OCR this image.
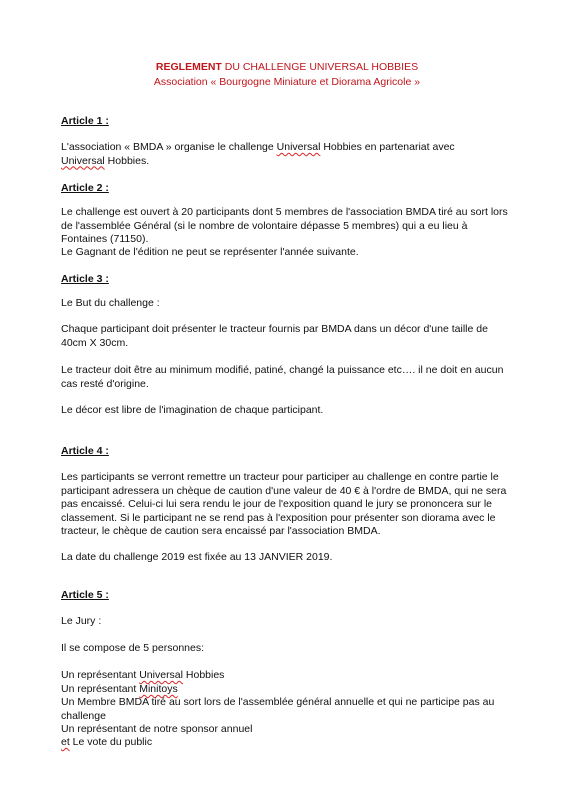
REGLEMENT DU CHALLENGE UNIVERSAL HOBBIES
Association « Bourgogne Miniature et Diorama Agricole »
Article 1 :
L'association « BMDA » organise le challenge Universal Hobbies en partenariat avec
Universal Hobbies.
Article 2 :
Le challenge est ouvert à 20 participants dont 5 membres de l'association BMDA tiré au sort lors de l'assemblée Général (si le nombre de volontaire dépasse 5 membres) qui a eu lieu à Fontaines (71150).
Le Gagnant de l'édition ne peut se représenter l'année suivante.
Article 3 :
Le But du challenge :
Chaque participant doit présenter le tracteur fournis par BMDA dans un décor d'une taille de 40cm X 30cm.
Le tracteur doit être au minimum modifié, patiné, changé la puissance etc…. il ne doit en aucun cas resté d'origine.
Le décor est libre de l'imagination de chaque participant.
Article 4 :
Les participants se verront remettre un tracteur pour participer au challenge en contre partie le participant adressera un chèque de caution d'une valeur de 40 € à l'ordre de BMDA, qui ne sera pas encaissé. Celui-ci lui sera rendu le jour de l'exposition quand le jury se prononcera sur le classement. Si le participant ne se rend pas à l'exposition pour présenter son diorama avec le tracteur, le chèque de caution sera encaissé par l'association BMDA.
La date du challenge 2019 est fixée au 13 JANVIER 2019.
Article 5 :
Le Jury :
Il se compose de 5 personnes:
Un représentant Universal Hobbies
Un représentant Minitoys
Un Membre BMDA tiré au sort lors de l'assemblée général annuelle et qui ne participe pas au challenge
Un représentant de notre sponsor annuel
et Le vote du public
